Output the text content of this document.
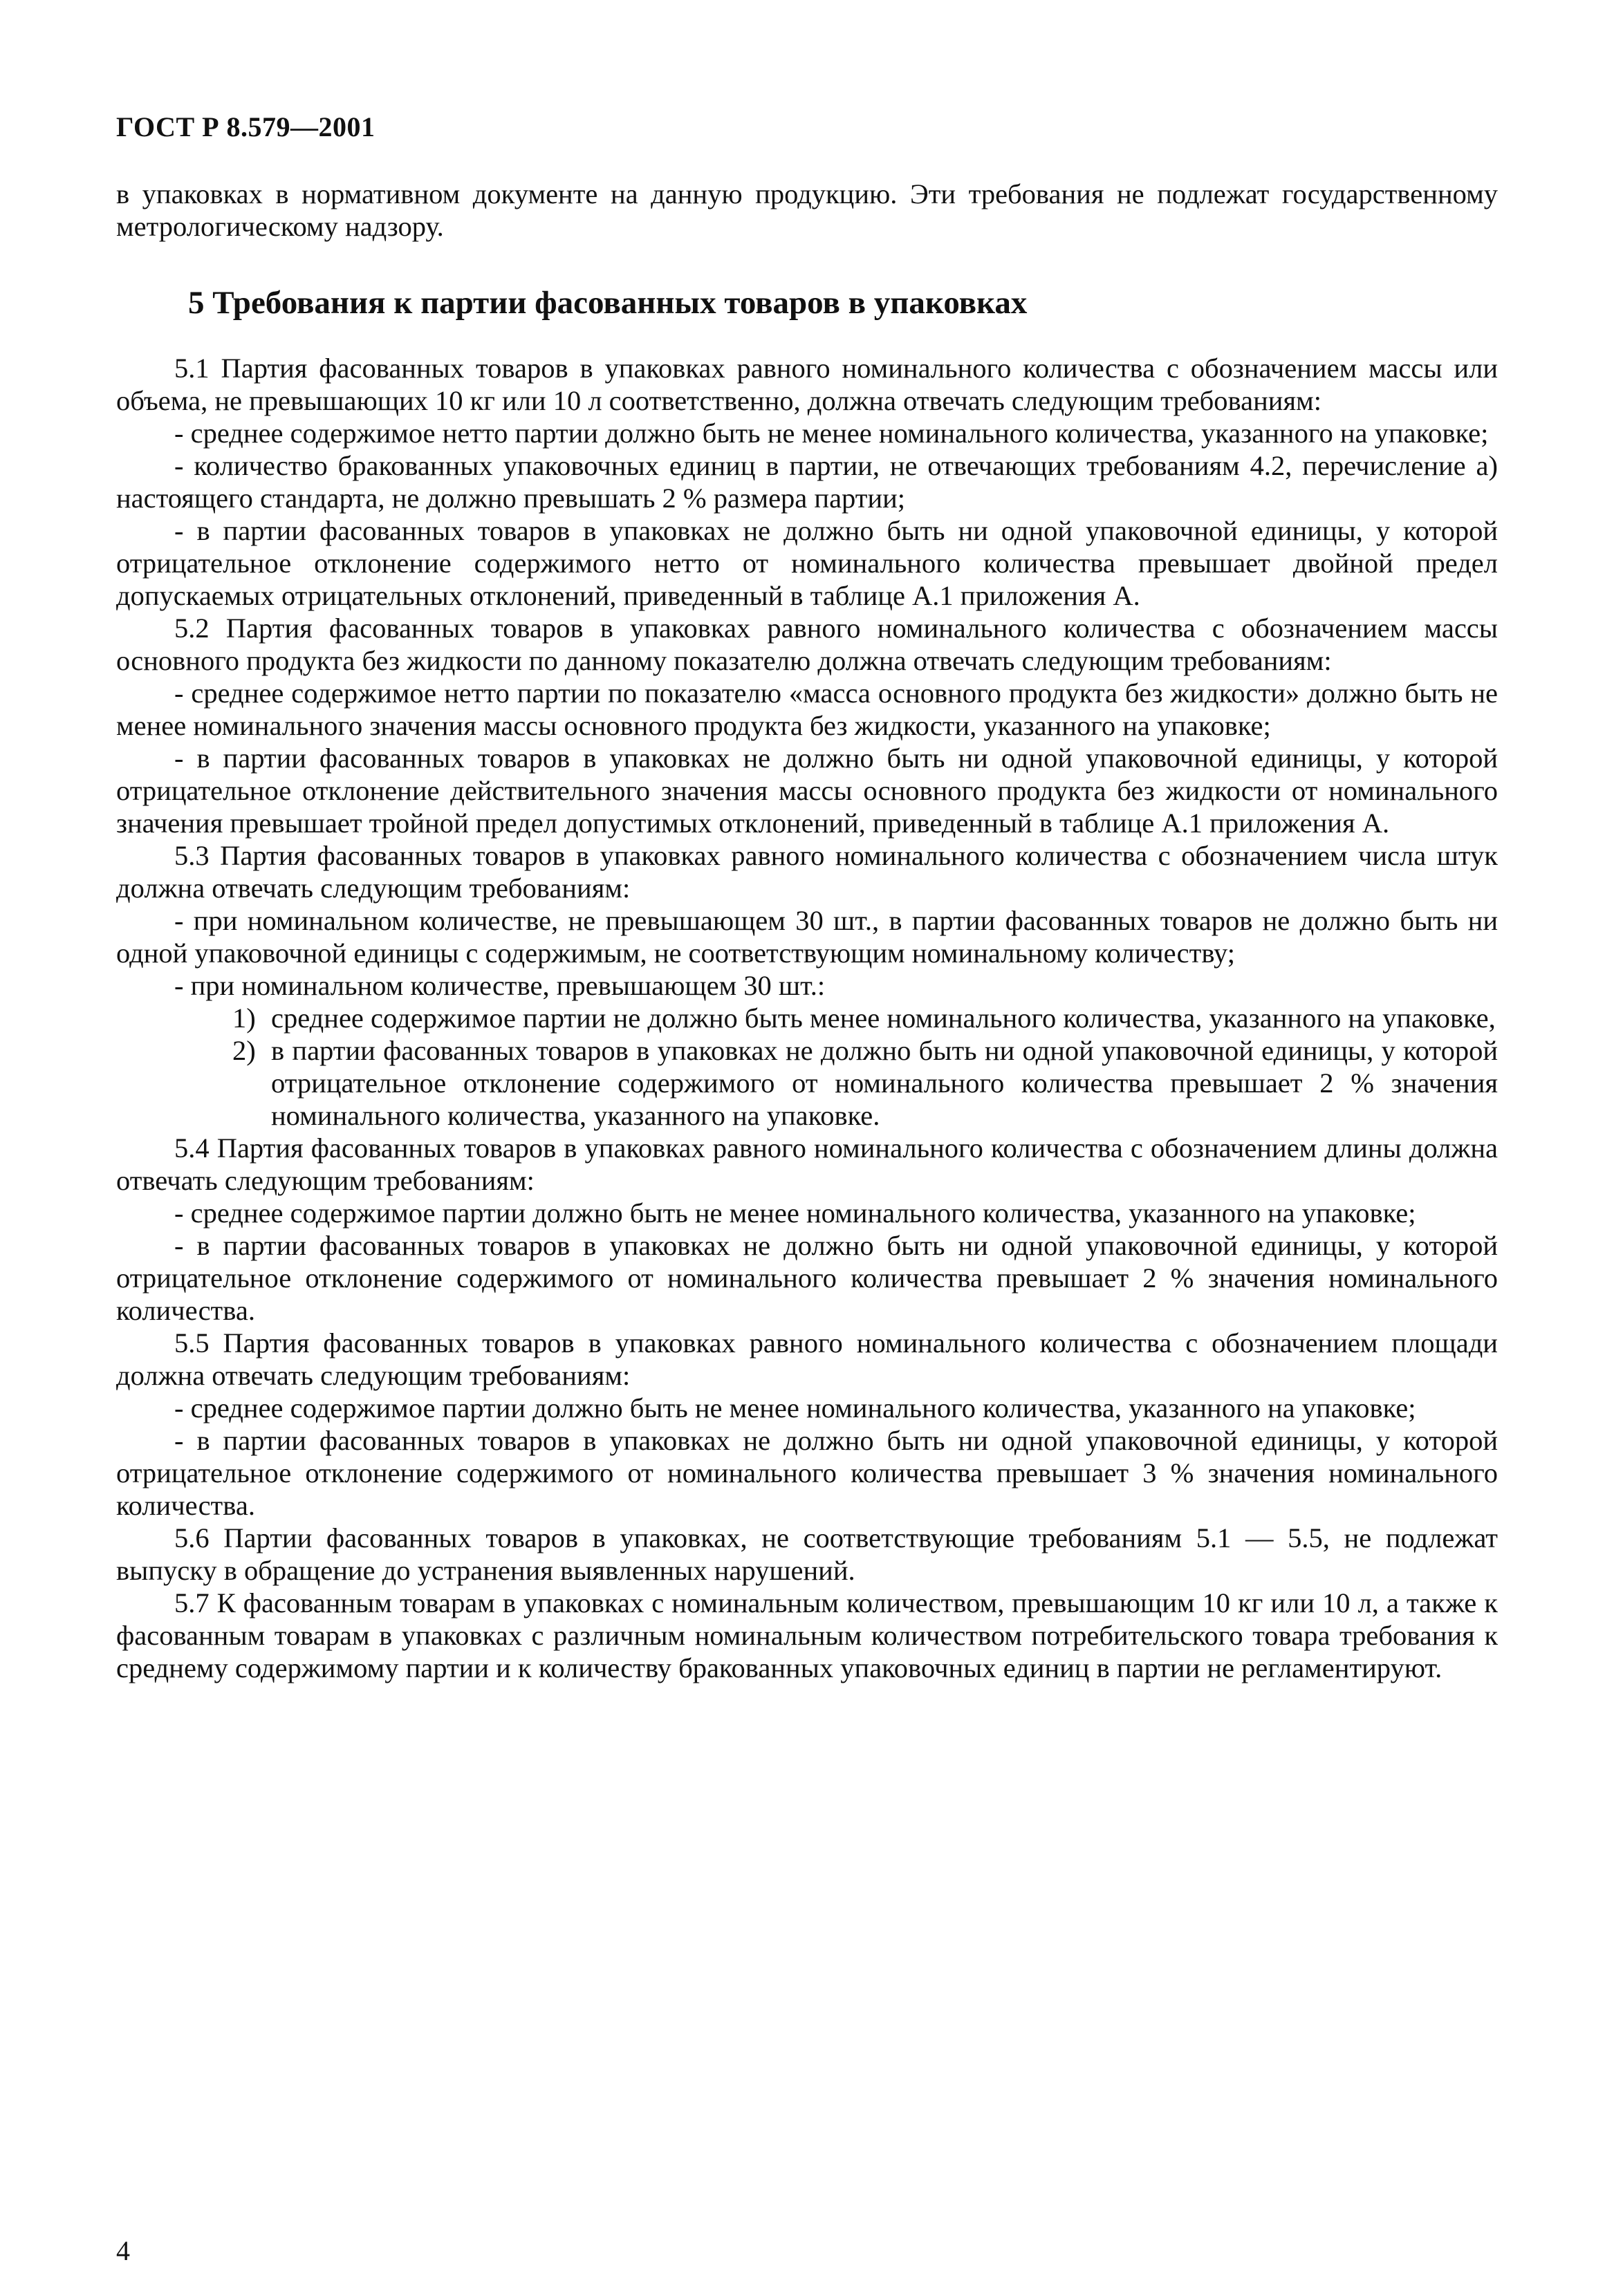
ГОСТ Р 8.579—2001

в упаковках в нормативном документе на данную продукцию. Эти требования не подлежат государственному метрологическому надзору.

5 Требования к партии фасованных товаров в упаковках

5.1 Партия фасованных товаров в упаковках равного номинального количества с обозначением массы или объема, не превышающих 10 кг или 10 л соответственно, должна отвечать следующим требованиям:

- среднее содержимое нетто партии должно быть не менее номинального количества, указанного на упаковке;

- количество бракованных упаковочных единиц в партии, не отвечающих требованиям 4.2, перечисление а) настоящего стандарта, не должно превышать 2 % размера партии;

- в партии фасованных товаров в упаковках не должно быть ни одной упаковочной единицы, у которой отрицательное отклонение содержимого нетто от номинального количества превышает двойной предел допускаемых отрицательных отклонений, приведенный в таблице А.1 приложения А.

5.2 Партия фасованных товаров в упаковках равного номинального количества с обозначением массы основного продукта без жидкости по данному показателю должна отвечать следующим требованиям:

- среднее содержимое нетто партии по показателю «масса основного продукта без жидкости» должно быть не менее номинального значения массы основного продукта без жидкости, указанного на упаковке;

- в партии фасованных товаров в упаковках не должно быть ни одной упаковочной единицы, у которой отрицательное отклонение действительного значения массы основного продукта без жидкости от номинального значения превышает тройной предел допустимых отклонений, приведенный в таблице А.1 приложения А.

5.3 Партия фасованных товаров в упаковках равного номинального количества с обозначением числа штук должна отвечать следующим требованиям:

- при номинальном количестве, не превышающем 30 шт., в партии фасованных товаров не должно быть ни одной упаковочной единицы с содержимым, не соответствующим номинальному количеству;

- при номинальном количестве, превышающем 30 шт.:

1) среднее содержимое партии не должно быть менее номинального количества, указанного на упаковке,
2) в партии фасованных товаров в упаковках не должно быть ни одной упаковочной единицы, у которой отрицательное отклонение содержимого от номинального количества превышает 2 % значения номинального количества, указанного на упаковке.

5.4 Партия фасованных товаров в упаковках равного номинального количества с обозначением длины должна отвечать следующим требованиям:

- среднее содержимое партии должно быть не менее номинального количества, указанного на упаковке;

- в партии фасованных товаров в упаковках не должно быть ни одной упаковочной единицы, у которой отрицательное отклонение содержимого от номинального количества превышает 2 % значения номинального количества.

5.5 Партия фасованных товаров в упаковках равного номинального количества с обозначением площади должна отвечать следующим требованиям:

- среднее содержимое партии должно быть не менее номинального количества, указанного на упаковке;

- в партии фасованных товаров в упаковках не должно быть ни одной упаковочной единицы, у которой отрицательное отклонение содержимого от номинального количества превышает 3 % значения номинального количества.

5.6 Партии фасованных товаров в упаковках, не соответствующие требованиям 5.1 — 5.5, не подлежат выпуску в обращение до устранения выявленных нарушений.

5.7 К фасованным товарам в упаковках с номинальным количеством, превышающим 10 кг или 10 л, а также к фасованным товарам в упаковках с различным номинальным количеством потребительского товара требования к среднему содержимому партии и к количеству бракованных упаковочных единиц в партии не регламентируют.

4
